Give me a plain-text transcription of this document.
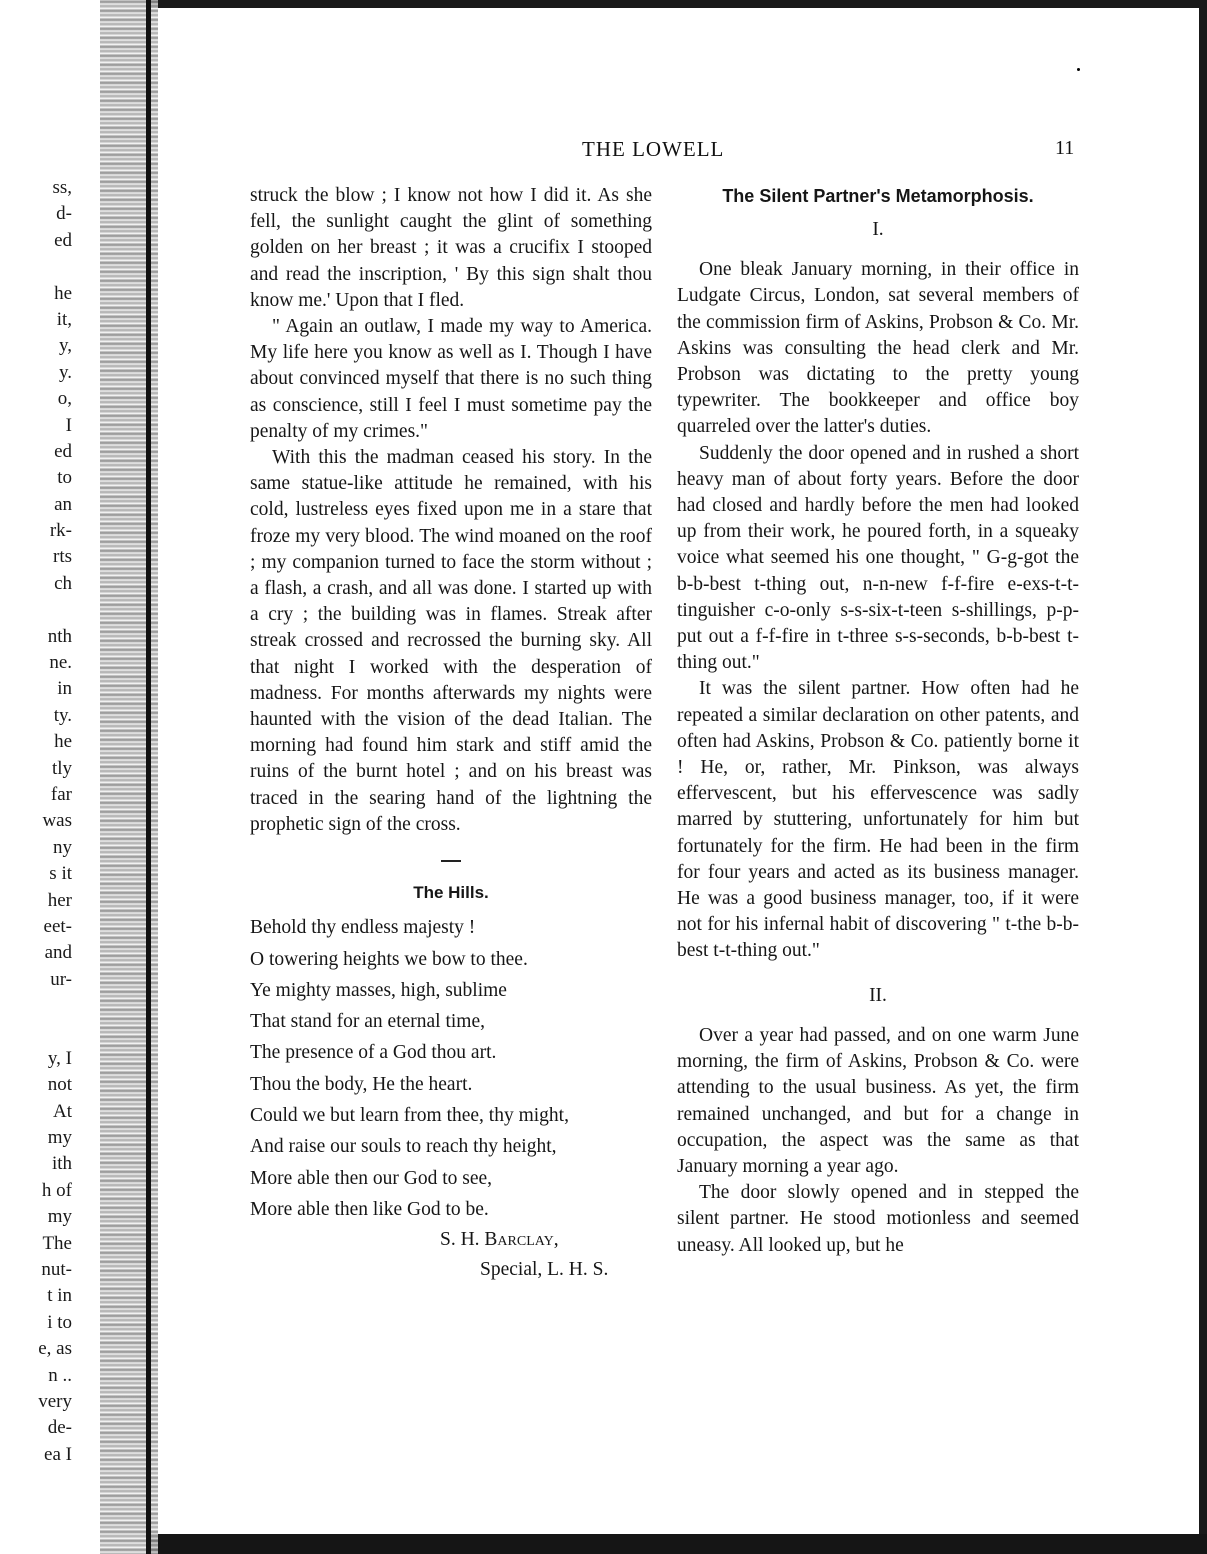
ss,
d-
ed
he
it,
y,
y.
o,
I
ed
to
an
rk-
rts
ch
nth
ne.
in
ty.
he
tly
far
was
ny
s it
her
eet-
and
ur-
y, I
not
At
my
ith
h of
my
The
nut-
t in
i to
e, as
n ..
very
de-
ea I
THE LOWELL	11

struck the blow ; I know not how I did it. As she fell, the sunlight caught the glint of something golden on her breast ; it was a crucifix I stooped and read the inscription, ' By this sign shalt thou know me.' Upon that I fled.

" Again an outlaw, I made my way to America. My life here you know as well as I. Though I have about convinced myself that there is no such thing as conscience, still I feel I must sometime pay the penalty of my crimes."

With this the madman ceased his story. In the same statue-like attitude he remained, with his cold, lustreless eyes fixed upon me in a stare that froze my very blood. The wind moaned on the roof ; my companion turned to face the storm without ; a flash, a crash, and all was done. I started up with a cry ; the building was in flames. Streak after streak crossed and recrossed the burning sky. All that night I worked with the desperation of madness. For months afterwards my nights were haunted with the vision of the dead Italian. The morning had found him stark and stiff amid the ruins of the burnt hotel ; and on his breast was traced in the searing hand of the lightning the prophetic sign of the cross.

The Hills.
Behold thy endless majesty !
O towering heights we bow to thee.
Ye mighty masses, high, sublime
That stand for an eternal time,
The presence of a God thou art.
Thou the body, He the heart.
Could we but learn from thee, thy might,
And raise our souls to reach thy height,
More able then our God to see,
More able then like God to be.
S. H. Barclay,
Special, L. H. S.
The Silent Partner's Metamorphosis.
I.

One bleak January morning, in their office in Ludgate Circus, London, sat several members of the commission firm of Askins, Probson & Co. Mr. Askins was consulting the head clerk and Mr. Probson was dictating to the pretty young typewriter. The bookkeeper and office boy quarreled over the latter's duties.

Suddenly the door opened and in rushed a short heavy man of about forty years. Before the door had closed and hardly before the men had looked up from their work, he poured forth, in a squeaky voice what seemed his one thought, " G-g-got the b-b-best t-thing out, n-n-new f-f-fire e-exs-t-t-tinguisher c-o-only s-s-six-t-teen s-shillings, p-p-put out a f-f-fire in t-three s-s-seconds, b-b-best t-thing out."

It was the silent partner. How often had he repeated a similar declaration on other patents, and often had Askins, Probson & Co. patiently borne it ! He, or, rather, Mr. Pinkson, was always effervescent, but his effervescence was sadly marred by stuttering, unfortunately for him but fortunately for the firm. He had been in the firm for four years and acted as its business manager. He was a good business manager, too, if it were not for his infernal habit of discovering " t-the b-b-best t-t-thing out."

II.

Over a year had passed, and on one warm June morning, the firm of Askins, Probson & Co. were attending to the usual business. As yet, the firm remained unchanged, and but for a change in occupation, the aspect was the same as that January morning a year ago.

The door slowly opened and in stepped the silent partner. He stood motionless and seemed uneasy. All looked up, but he
